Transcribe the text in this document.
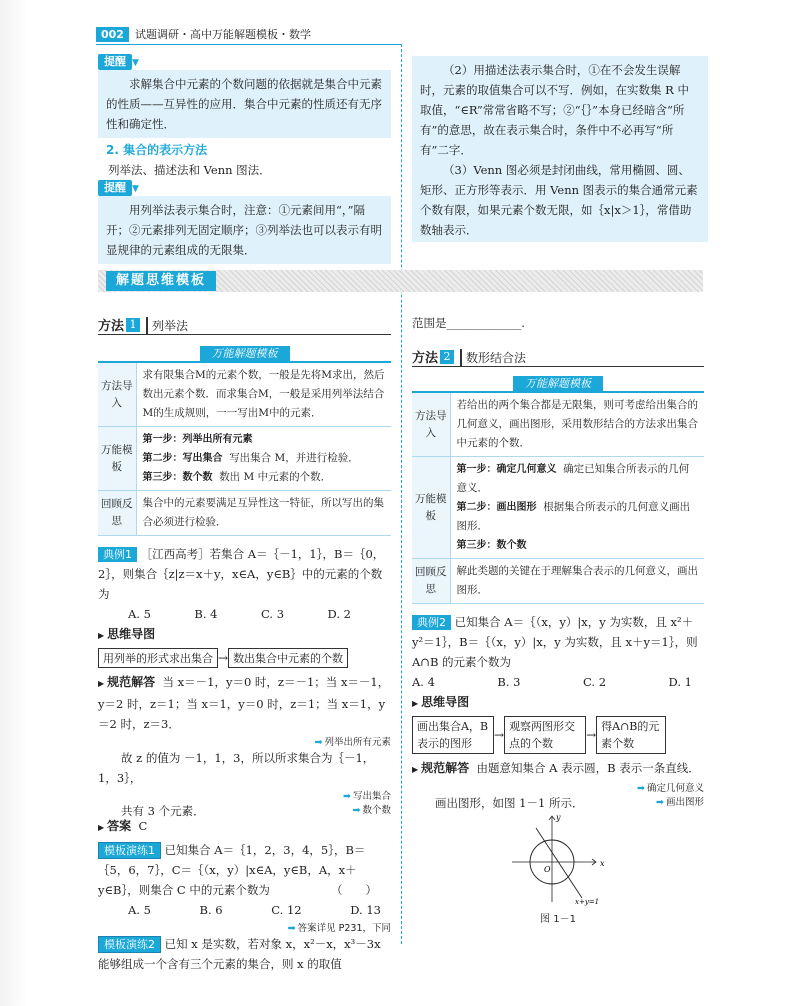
002	试题调研・高中万能解题模板・数学
提醒 ▼

求解集合中元素的个数问题的依据就是集合中元素的性质——互异性的应用．集合中元素的性质还有无序性和确定性．

2. 集合的表示方法

列举法、描述法和 Venn 图法．

提醒 ▼

用列举法表示集合时，注意：①元素间用“，”隔开；②元素排列无固定顺序；③列举法也可以表示有明显规律的元素组成的无限集．

（2）用描述法表示集合时，①在不会发生误解时，元素的取值集合可以不写．例如，在实数集 R 中取值，“∈R”常常省略不写；②“｛｝”本身已经暗含“所有”的意思，故在表示集合时，条件中不必再写“所有”二字．

（3）Venn 图必须是封闭曲线，常用椭圆、圆、矩形、正方形等表示．用 Venn 图表示的集合通常元素个数有限，如果元素个数无限，如｛x|x＞1｝，常借助数轴表示．

解题思维模板
方法 1	列举法
万能解题模板
方法导入	求有限集合M的元素个数，一般是先将M求出，然后数出元素个数．而求集合M，一般是采用列举法结合M的生成规则，一一写出M中的元素．
万能模板	第一步：列举出所有元素
第二步：写出集合 写出集合 M，并进行检验．
第三步：数个数 数出 M 中元素的个数．

回顾反思	集合中的元素要满足互异性这一特征，所以写出的集合必须进行检验．

典例1 ［江西高考］若集合 A＝｛－1，1｝，B＝｛0，2｝，则集合｛z|z＝x＋y，x∈A，y∈B｝中的元素的个数为

A. 5	B. 4	C. 3	D. 2

▶ 思维导图

用列举的形式求出集合 → 数出集合中元素的个数

▶ 规范解答 当 x＝－1，y＝0 时，z＝－1；当 x＝－1，y＝2 时，z＝1；当 x＝1，y＝0 时，z＝1；当 x＝1，y＝2 时，z＝3．

➡ 列举出所有元素

故 z 的值为 －1，1，3，所以所求集合为｛－1，1，3｝，

➡ 写出集合

共有 3 个元素．	➡ 数个数

▶ 答案 C

模板演练1 已知集合 A＝｛1，2，3，4，5｝，B＝｛5，6，7｝，C＝｛（x，y）|x∈A，y∈B，A，x＋y∈B｝，则集合 C 中的元素个数为	（　　）
A. 5	B. 6	C. 12	D. 13
➡ 答案详见 P231，下同

模板演练2 已知 x 是实数，若对象 x，x²－x，x³－3x 能够组成一个含有三个元素的集合，则 x 的取值

范围是_____________.

方法 2	数形结合法
万能解题模板
方法导入	若给出的两个集合都是无限集，则可考虑给出集合的几何意义，画出图形，采用数形结合的方法求出集合中元素的个数．
万能模板	第一步：确定几何意义 确定已知集合所表示的几何意义．
第二步：画出图形 根据集合所表示的几何意义画出图形．
第三步：数个数

回顾反思	解此类题的关键在于理解集合表示的几何意义，画出图形．

典例2 已知集合 A＝｛（x，y）|x，y 为实数，且 x²＋y²＝1｝，B＝｛（x，y）|x，y 为实数，且 x＋y＝1｝，则 A∩B 的元素个数为

A. 4	B. 3	C. 2	D. 1

▶ 思维导图

画出集合A，B表示的图形
→
观察两图形交点的个数
→
得A∩B的元素个数

▶ 规范解答 由题意知集合 A 表示圆，B 表示一条直线．

➡ 确定几何意义

画出图形，如图 1－1 所示．	➡ 画出图形
x
y
O
x+y=1
图 1－1
